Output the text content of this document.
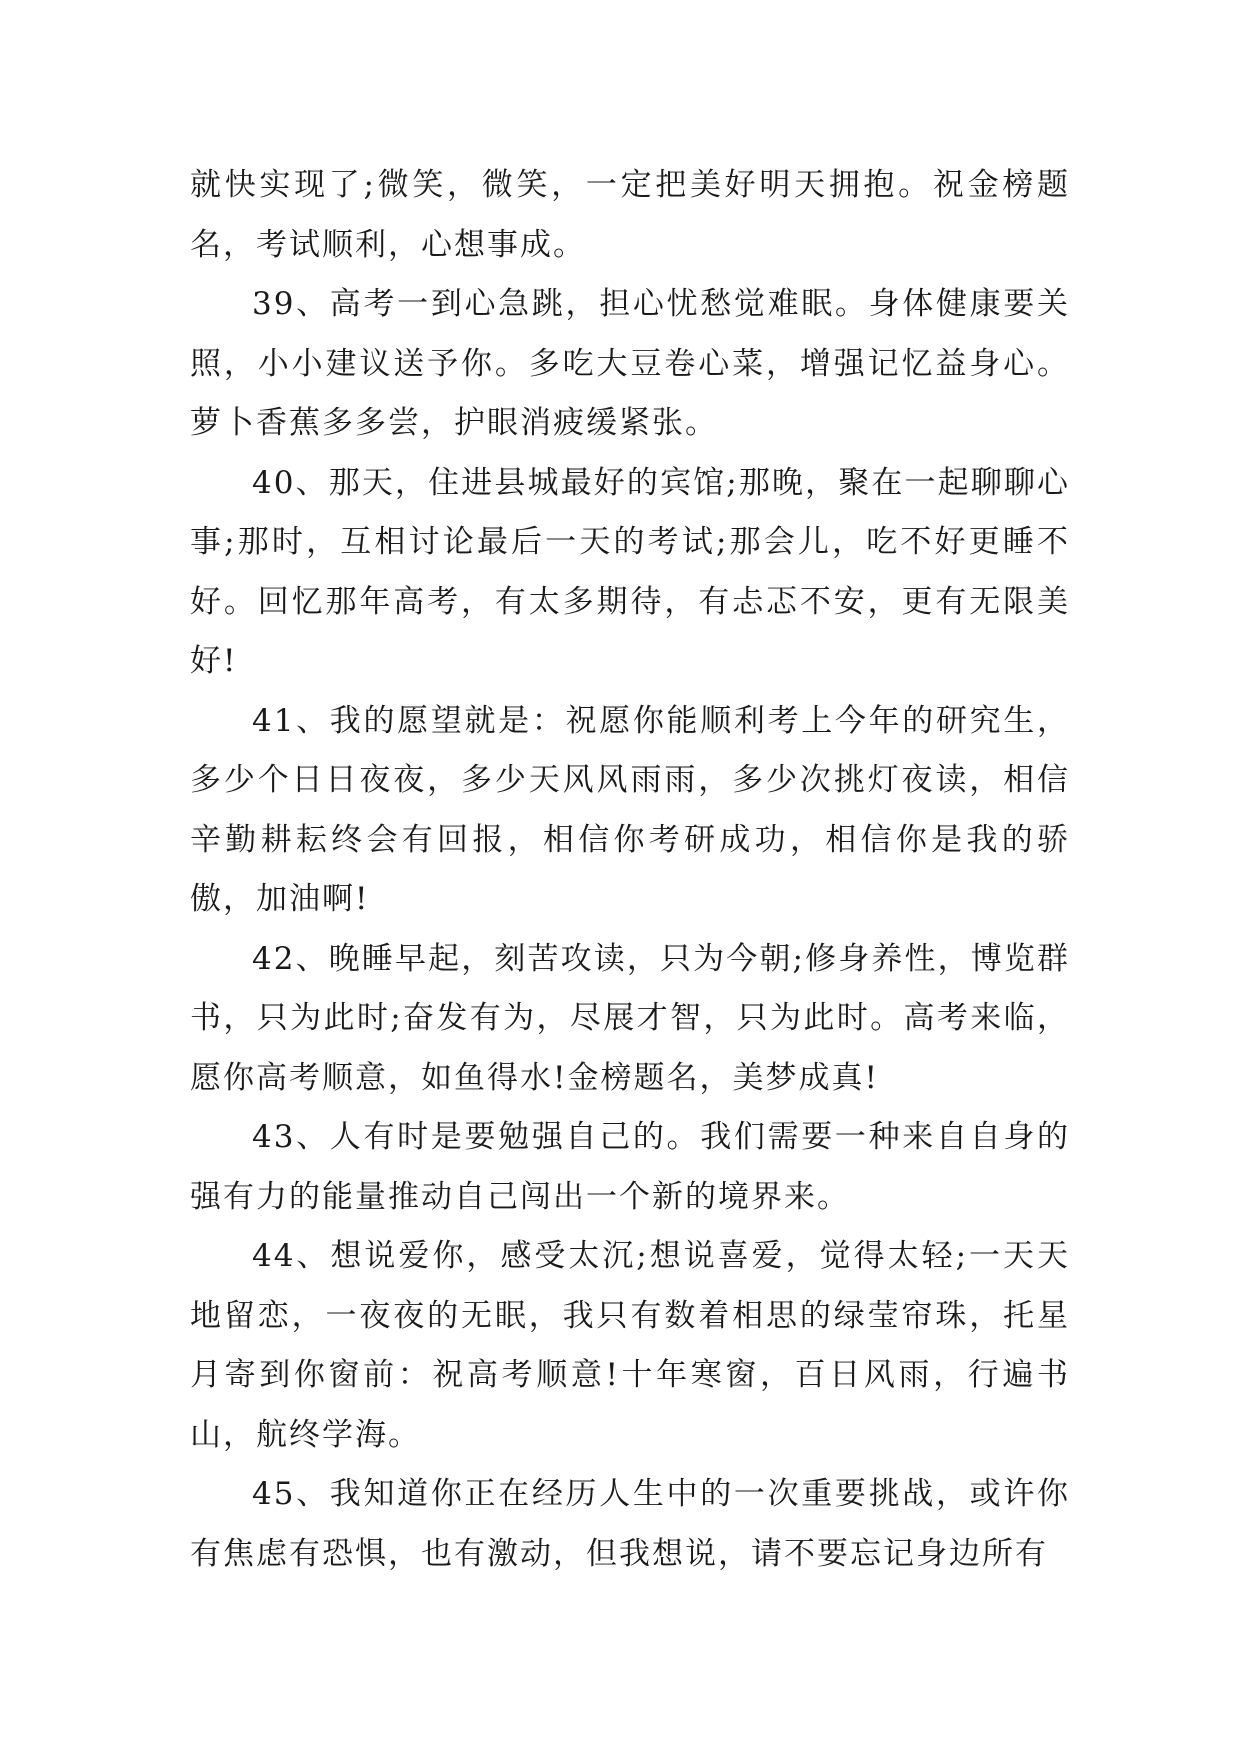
就快实现了;微笑，微笑，一定把美好明天拥抱。祝金榜题名，考试顺利，心想事成。

39、高考一到心急跳，担心忧愁觉难眠。身体健康要关照，小小建议送予你。多吃大豆卷心菜，增强记忆益身心。萝卜香蕉多多尝，护眼消疲缓紧张。

40、那天，住进县城最好的宾馆;那晚，聚在一起聊聊心事;那时，互相讨论最后一天的考试;那会儿，吃不好更睡不好。回忆那年高考，有太多期待，有忐忑不安，更有无限美好!

41、我的愿望就是：祝愿你能顺利考上今年的研究生，多少个日日夜夜，多少天风风雨雨，多少次挑灯夜读，相信辛勤耕耘终会有回报，相信你考研成功，相信你是我的骄傲，加油啊!

42、晚睡早起，刻苦攻读，只为今朝;修身养性，博览群书，只为此时;奋发有为，尽展才智，只为此时。高考来临，愿你高考顺意，如鱼得水!金榜题名，美梦成真!

43、人有时是要勉强自己的。我们需要一种来自自身的强有力的能量推动自己闯出一个新的境界来。

44、想说爱你，感受太沉;想说喜爱，觉得太轻;一天天地留恋，一夜夜的无眠，我只有数着相思的绿莹帘珠，托星月寄到你窗前：祝高考顺意!十年寒窗，百日风雨，行遍书山，航终学海。

45、我知道你正在经历人生中的一次重要挑战，或许你有焦虑有恐惧，也有激动，但我想说，请不要忘记身边所有
